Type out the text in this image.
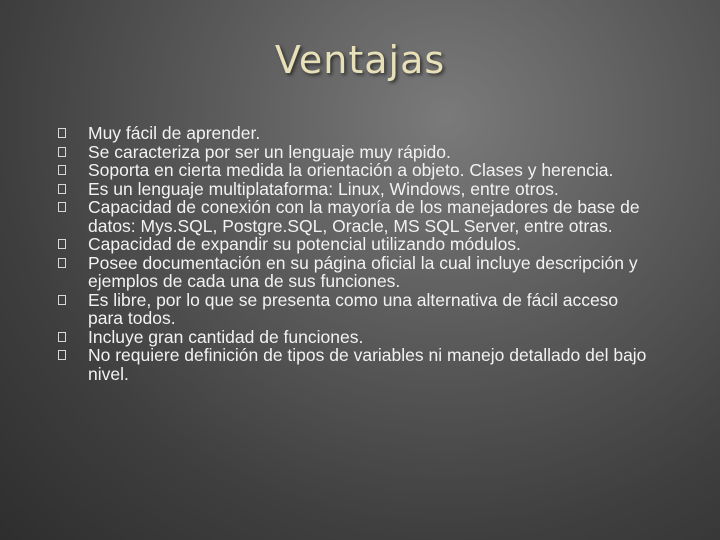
Ventajas
Muy fácil de aprender.
Se caracteriza por ser un lenguaje muy rápido.
Soporta en cierta medida la orientación a objeto. Clases y herencia.
Es un lenguaje multiplataforma: Linux, Windows, entre otros.
Capacidad de conexión con la mayoría de los manejadores de base de datos: Mys.SQL, Postgre.SQL, Oracle, MS SQL Server, entre otras.
Capacidad de expandir su potencial utilizando módulos.
Posee documentación en su página oficial la cual incluye descripción y ejemplos de cada una de sus funciones.
Es libre, por lo que se presenta como una alternativa de fácil acceso para todos.
Incluye gran cantidad de funciones.
No requiere definición de tipos de variables ni manejo detallado del bajo nivel.
